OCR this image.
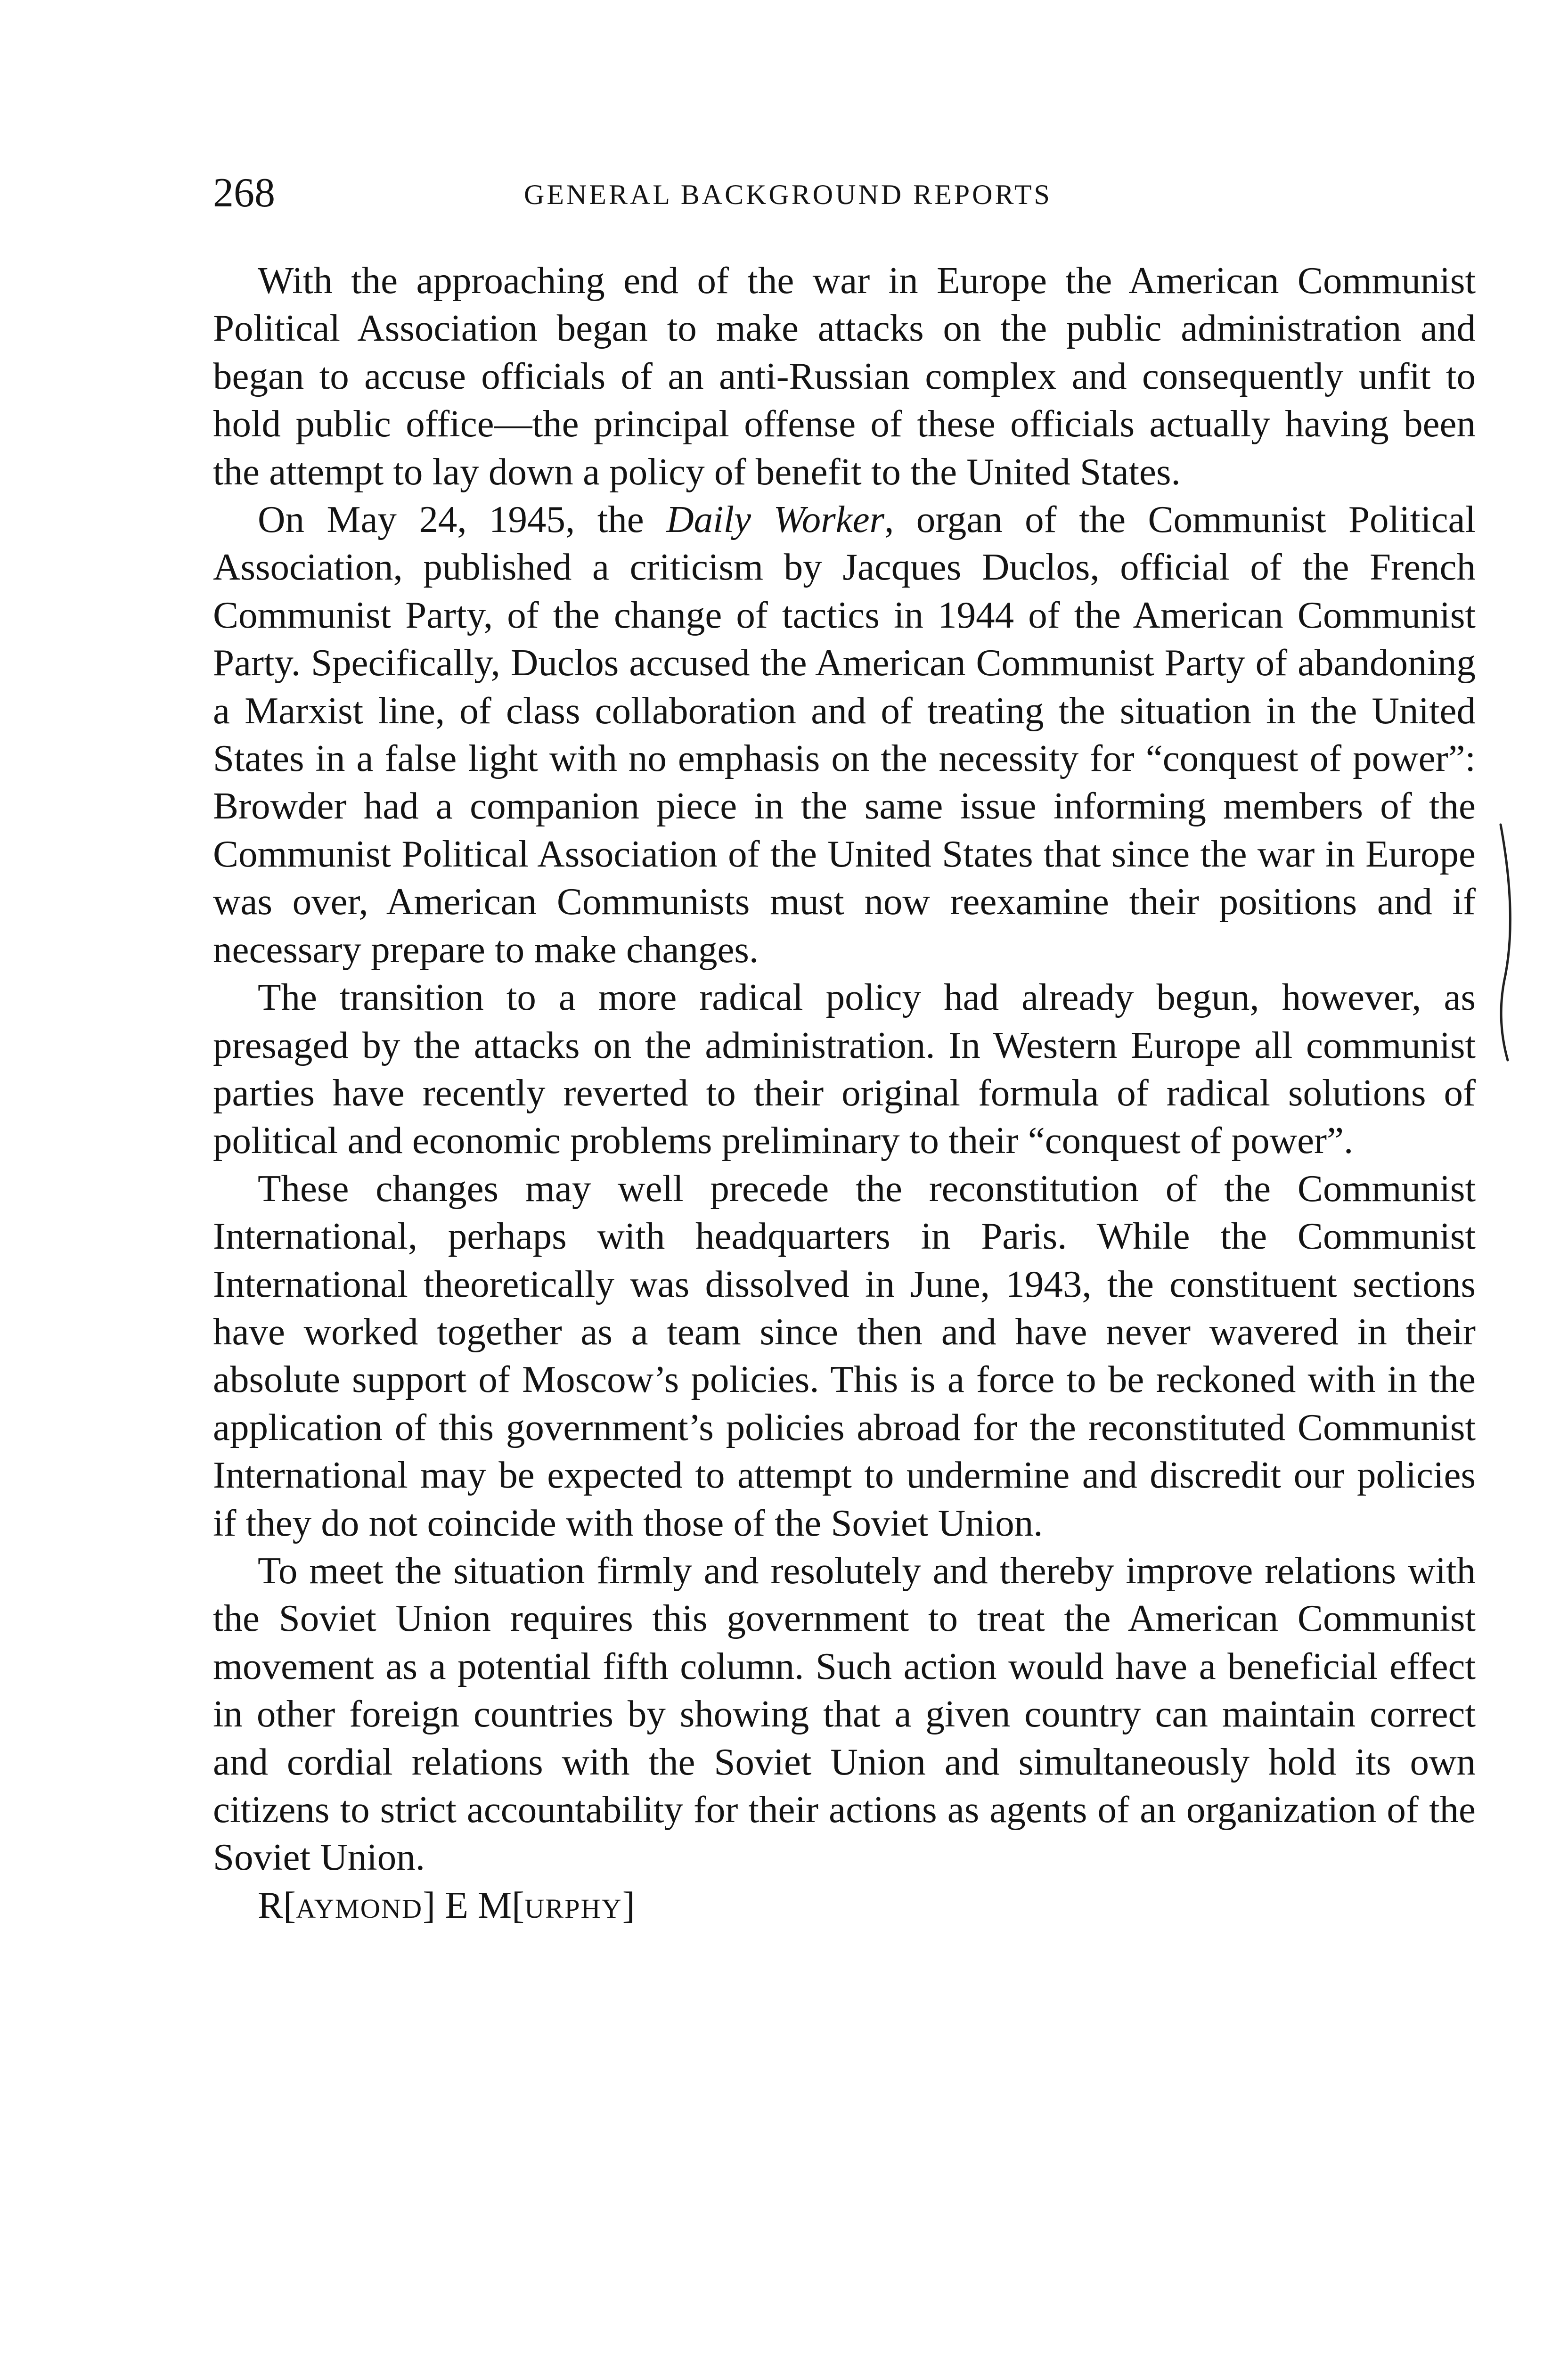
268	GENERAL BACKGROUND REPORTS

With the approaching end of the war in Europe the American Communist Political Association began to make attacks on the public administration and began to accuse officials of an anti-Russian complex and consequently unfit to hold public office—the principal offense of these officials actually having been the attempt to lay down a policy of benefit to the United States.

On May 24, 1945, the Daily Worker, organ of the Communist Political Association, published a criticism by Jacques Duclos, official of the French Communist Party, of the change of tactics in 1944 of the American Communist Party. Specifically, Duclos accused the American Communist Party of abandoning a Marxist line, of class collaboration and of treating the situation in the United States in a false light with no emphasis on the necessity for “conquest of power”: Browder had a companion piece in the same issue informing members of the Communist Political Association of the United States that since the war in Europe was over, American Communists must now reexamine their positions and if necessary prepare to make changes.

The transition to a more radical policy had already begun, however, as presaged by the attacks on the administration. In Western Europe all communist parties have recently reverted to their original formula of radical solutions of political and economic problems preliminary to their “conquest of power”.

These changes may well precede the reconstitution of the Communist International, perhaps with headquarters in Paris. While the Communist International theoretically was dissolved in June, 1943, the constituent sections have worked together as a team since then and have never wavered in their absolute support of Moscow’s policies. This is a force to be reckoned with in the application of this government’s policies abroad for the reconstituted Communist International may be expected to attempt to undermine and discredit our policies if they do not coincide with those of the Soviet Union.

To meet the situation firmly and resolutely and thereby improve relations with the Soviet Union requires this government to treat the American Communist movement as a potential fifth column. Such action would have a beneficial effect in other foreign countries by showing that a given country can maintain correct and cordial relations with the Soviet Union and simultaneously hold its own citizens to strict accountability for their actions as agents of an organization of the Soviet Union.

R[AYMOND] E M[URPHY]
